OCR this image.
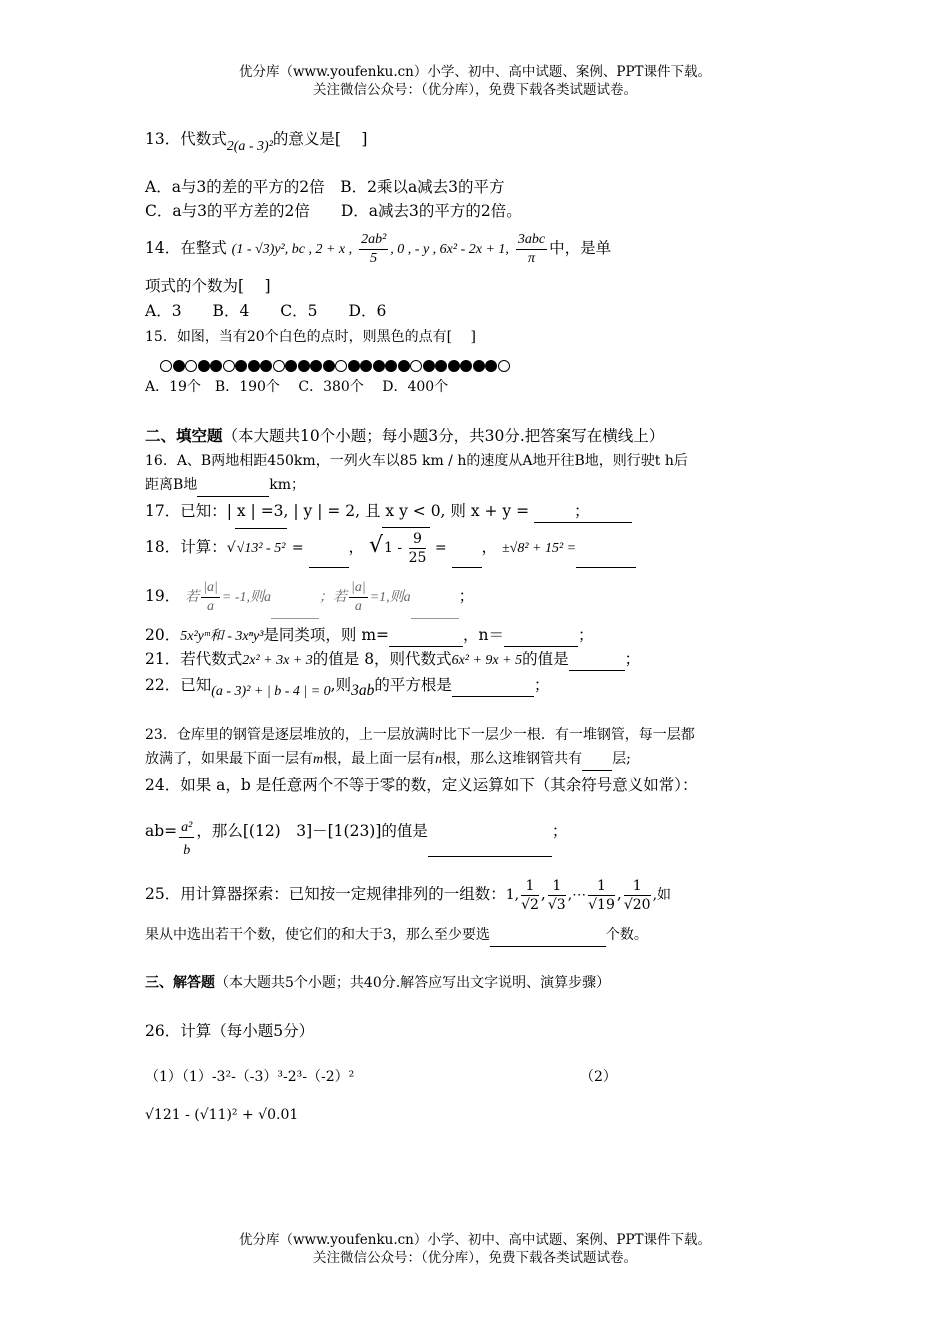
优分库（www.youfenku.cn）小学、初中、高中试题、案例、PPT课件下载。
关注微信公众号：（优分库），免费下载各类试题试卷。
13．代数式2(a - 3)²的意义是[　 ]
A．a与3的差的平方的2倍　 B．2乘以a减去3的平方
C．a与3的平方差的2倍　　 D．a减去3的平方的2倍。
14．在整式 (1 - √3)y², bc , 2 + x , $\frac{\text{2ab²}}{5}$ , 0 , - y , 6x² - 2x + 1, $\frac{\text{3abc}}{\pi}$ 中，是单
项式的个数为[　 ]
A．3　　B．4　　C．5　　D．6
15．如图，当有20个白色的点时，则黑色的点有[　 ]
A．19个　B．190个　 C．380个　 D．400个
二、填空题（本大题共10个小题；每小题3分，共30分.把答案写在横线上）
16．A、B两地相距450km，一列火车以85 km / h的速度从A地开往B地，则行驶t h后
距离B地	km；
17．已知：| x | =3, | y | = 2, 且 x y < 0, 则 x + y =	；
18．计算：√√13² - 5² =	， $√1 - \frac{9}{25}$ = ， ±√8² + 15² =
19． 若 $\frac{|a|}{a} = -1$,则a	；若 $\frac{|a|}{a} =1$,则a	；
20．5x²yᵐ和 - 3xⁿy³是同类项，则 m=	，n＝	；
21．若代数式2x² + 3x + 3的值是 8，则代数式6x² + 9x + 5的值是	；
22．已知(a - 3)² + | b - 4 | = 0,则3ab的平方根是	；
23．仓库里的钢管是逐层堆放的，上一层放满时比下一层少一根．有一堆钢管，每一层都
放满了，如果最下面一层有m根，最上面一层有n根，那么这堆钢管共有 层;
24．如果 a，b 是任意两个不等于零的数，定义运算如下（其余符号意义如常）：
$ab= \frac{\text{a²}}{b}$ ，那么[(12)　3]－[1(23)]的值是	；
25．用计算器探索：已知按一定规律排列的一组数：1, $\frac{1}{√2}$ , $\frac{1}{√3}$ ,⋯ $\frac{1}{√19}$ , $\frac{1}{√20}$ ,如
果从中选出若干个数，使它们的和大于3，那么至少要选	个数。
三、解答题（本大题共5个小题；共40分.解答应写出文字说明、演算步骤）
26．计算（每小题5分）
（1）（1）-3²-（-3）³-2³-（-2）²	（2）
√121 - (√11)² + √0.01
优分库（www.youfenku.cn）小学、初中、高中试题、案例、PPT课件下载。
关注微信公众号：（优分库），免费下载各类试题试卷。
